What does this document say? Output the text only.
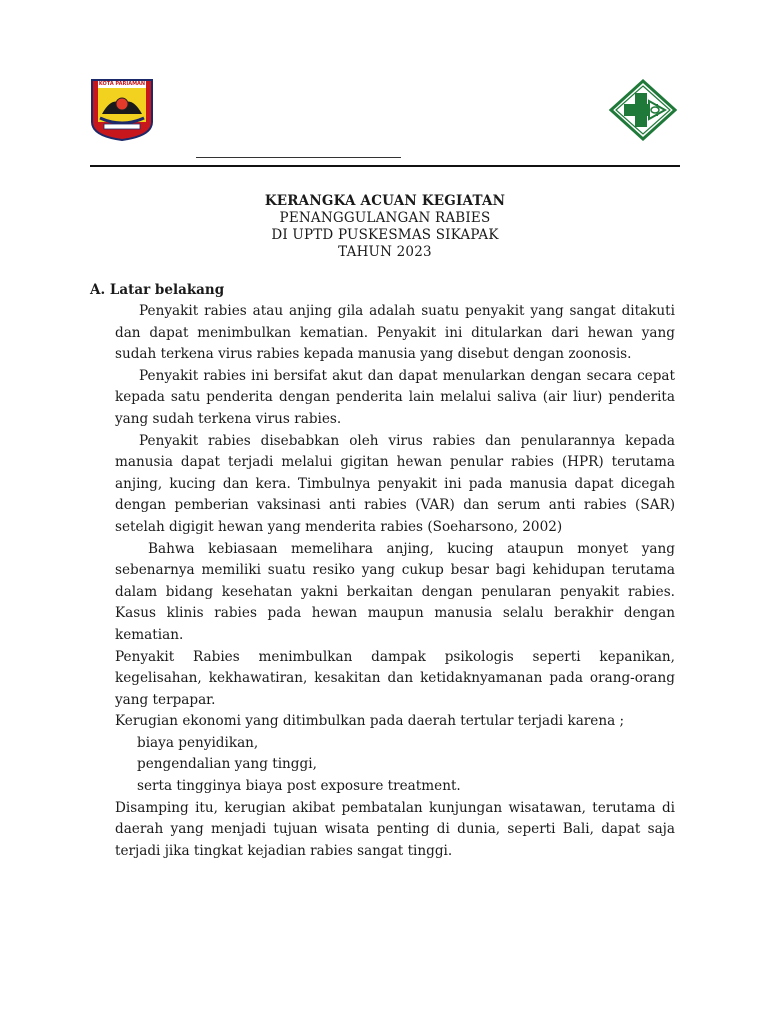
KOTA PARIAMAN
KERANGKA ACUAN KEGIATAN
PENANGGULANGAN RABIES
DI UPTD PUSKESMAS SIKAPAK
TAHUN 2023
A. Latar belakang

Penyakit rabies atau anjing gila adalah suatu penyakit yang sangat ditakuti dan dapat menimbulkan kematian. Penyakit ini ditularkan dari hewan yang sudah terkena virus rabies kepada manusia yang disebut dengan zoonosis.

Penyakit rabies ini bersifat akut dan dapat menularkan dengan secara cepat kepada satu penderita dengan penderita lain melalui saliva (air liur) penderita yang sudah terkena virus rabies.

Penyakit rabies disebabkan oleh virus rabies dan penularannya kepada manusia dapat terjadi melalui gigitan hewan penular rabies (HPR) terutama anjing, kucing dan kera. Timbulnya penyakit ini pada manusia dapat dicegah dengan pemberian vaksinasi anti rabies (VAR) dan serum anti rabies (SAR) setelah digigit hewan yang menderita rabies (Soeharsono, 2002)

Bahwa kebiasaan memelihara anjing, kucing ataupun monyet yang sebenarnya memiliki suatu resiko yang cukup besar bagi kehidupan terutama dalam bidang kesehatan yakni berkaitan dengan penularan penyakit rabies. Kasus klinis rabies pada hewan maupun manusia selalu berakhir dengan kematian.

Penyakit Rabies menimbulkan dampak psikologis seperti kepanikan, kegelisahan, kekhawatiran, kesakitan dan ketidaknyamanan pada orang-orang yang terpapar.

Kerugian ekonomi yang ditimbulkan pada daerah tertular terjadi karena ;

biaya penyidikan,

pengendalian yang tinggi,

serta tingginya biaya post exposure treatment.

Disamping itu, kerugian akibat pembatalan kunjungan wisatawan, terutama di daerah yang menjadi tujuan wisata penting di dunia, seperti Bali, dapat saja terjadi jika tingkat kejadian rabies sangat tinggi.
